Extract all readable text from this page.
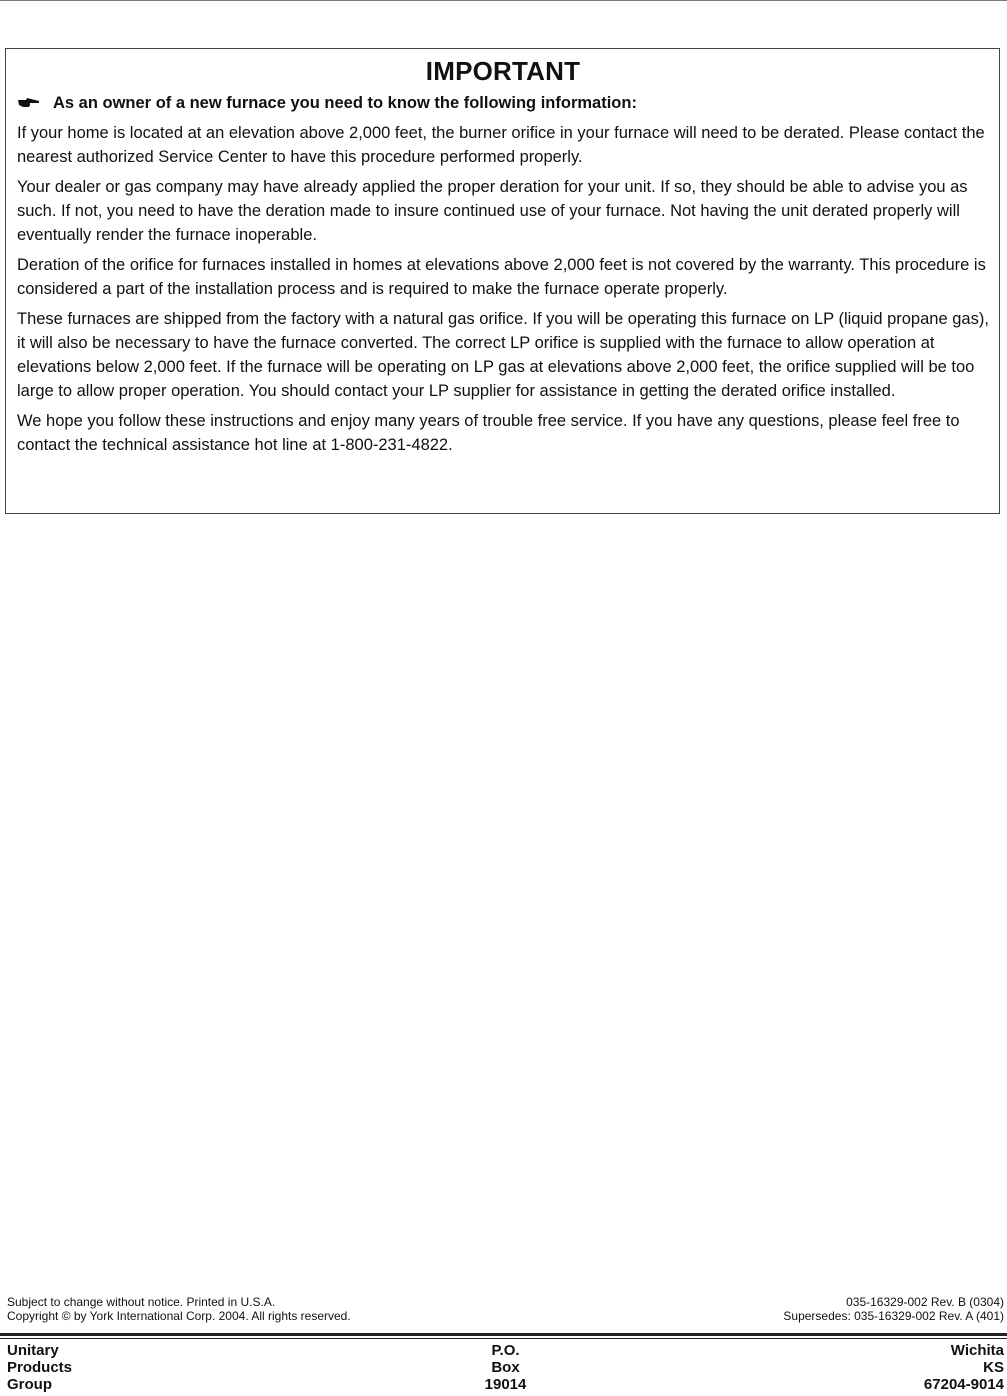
IMPORTANT
As an owner of a new furnace you need to know the following information:

If your home is located at an elevation above 2,000 feet, the burner orifice in your furnace will need to be derated. Please contact the nearest authorized Service Center to have this procedure performed properly.

Your dealer or gas company may have already applied the proper deration for your unit. If so, they should be able to advise you as such. If not, you need to have the deration made to insure continued use of your furnace. Not having the unit derated properly will eventually render the furnace inoperable.

Deration of the orifice for furnaces installed in homes at elevations above 2,000 feet is not covered by the warranty. This procedure is considered a part of the installation process and is required to make the furnace operate properly.

These furnaces are shipped from the factory with a natural gas orifice. If you will be operating this furnace on LP (liquid propane gas), it will also be necessary to have the furnace converted. The correct LP orifice is supplied with the furnace to allow operation at elevations below 2,000 feet. If the furnace will be operating on LP gas at elevations above 2,000 feet, the orifice supplied will be too large to allow proper operation. You should contact your LP supplier for assistance in getting the derated orifice installed.

We hope you follow these instructions and enjoy many years of trouble free service. If you have any questions, please feel free to contact the technical assistance hot line at 1-800-231-4822.

Subject to change without notice. Printed in U.S.A.	035-16329-002 Rev. B (0304)
Copyright © by York International Corp. 2004. All rights reserved.	Supersedes: 035-16329-002 Rev. A (401)
Unitary	P.O.	Wichita
Products	Box	KS
Group	19014	67204-9014
